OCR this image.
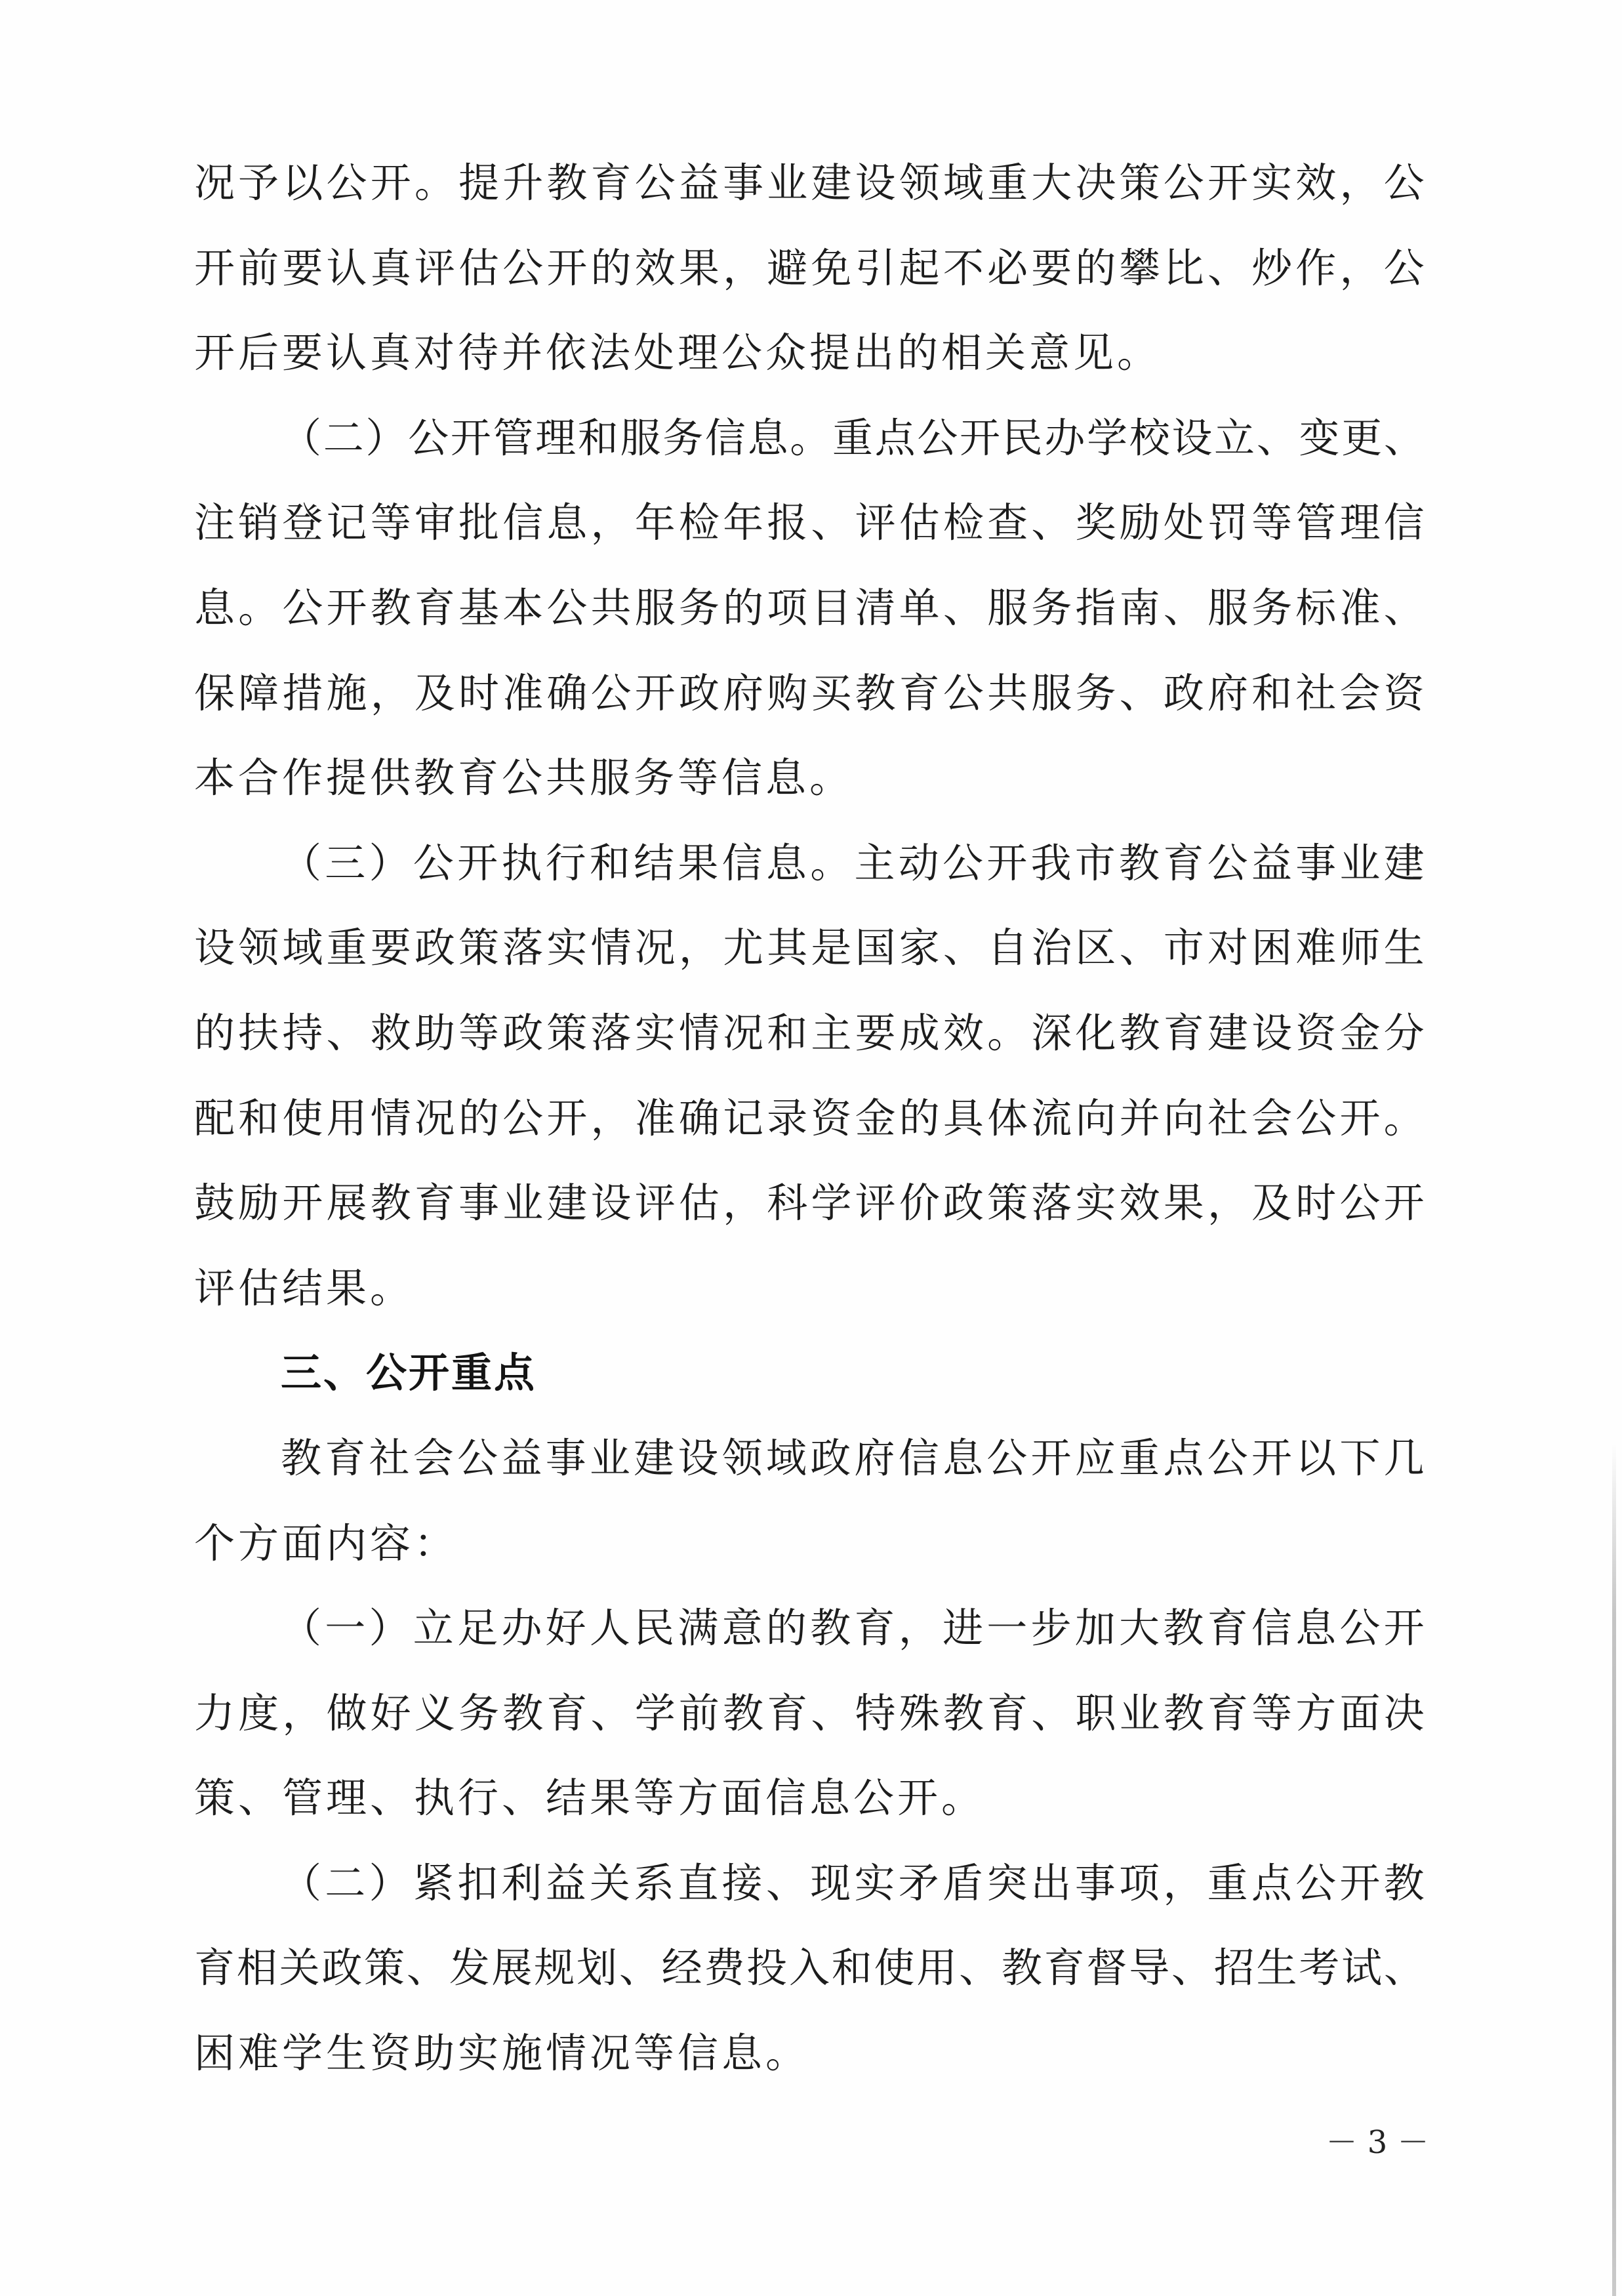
况 予 以 公 开 。 提 升 教 育 公 益 事 业 建 设 领 域 重 大 决 策 公 开 实 效 ， 公
开 前 要 认 真 评 估 公 开 的 效 果 ， 避 免 引 起 不 必 要 的 攀 比 、 炒 作 ， 公
开后要认真对待并依法处理公众提出的相关意见。
（ 二 ） 公 开 管 理 和 服 务 信 息 。 重 点 公 开 民 办 学 校 设 立 、 变 更 、
注 销 登 记 等 审 批 信 息 ， 年 检 年 报 、 评 估 检 查 、 奖 励 处 罚 等 管 理 信
息 。 公 开 教 育 基 本 公 共 服 务 的 项 目 清 单 、 服 务 指 南 、 服 务 标 准 、
保 障 措 施 ， 及 时 准 确 公 开 政 府 购 买 教 育 公 共 服 务 、 政 府 和 社 会 资
本合作提供教育公共服务等信息。
（ 三 ） 公 开 执 行 和 结 果 信 息 。 主 动 公 开 我 市 教 育 公 益 事 业 建
设 领 域 重 要 政 策 落 实 情 况 ， 尤 其 是 国 家 、 自 治 区 、 市 对 困 难 师 生
的 扶 持 、 救 助 等 政 策 落 实 情 况 和 主 要 成 效 。 深 化 教 育 建 设 资 金 分
配 和 使 用 情 况 的 公 开 ， 准 确 记 录 资 金 的 具 体 流 向 并 向 社 会 公 开 。
鼓 励 开 展 教 育 事 业 建 设 评 估 ， 科 学 评 价 政 策 落 实 效 果 ， 及 时 公 开
评估结果。
三、公开重点
教 育 社 会 公 益 事 业 建 设 领 域 政 府 信 息 公 开 应 重 点 公 开 以 下 几
个方面内容：
（ 一 ） 立 足 办 好 人 民 满 意 的 教 育 ， 进 一 步 加 大 教 育 信 息 公 开
力 度 ， 做 好 义 务 教 育 、 学 前 教 育 、 特 殊 教 育 、 职 业 教 育 等 方 面 决
策、管理、执行、结果等方面信息公开。
（ 二 ） 紧 扣 利 益 关 系 直 接 、 现 实 矛 盾 突 出 事 项 ， 重 点 公 开 教
育 相 关 政 策 、 发 展 规 划 、 经 费 投 入 和 使 用 、 教 育 督 导 、 招 生 考 试 、
困难学生资助实施情况等信息。
－ 3 －
